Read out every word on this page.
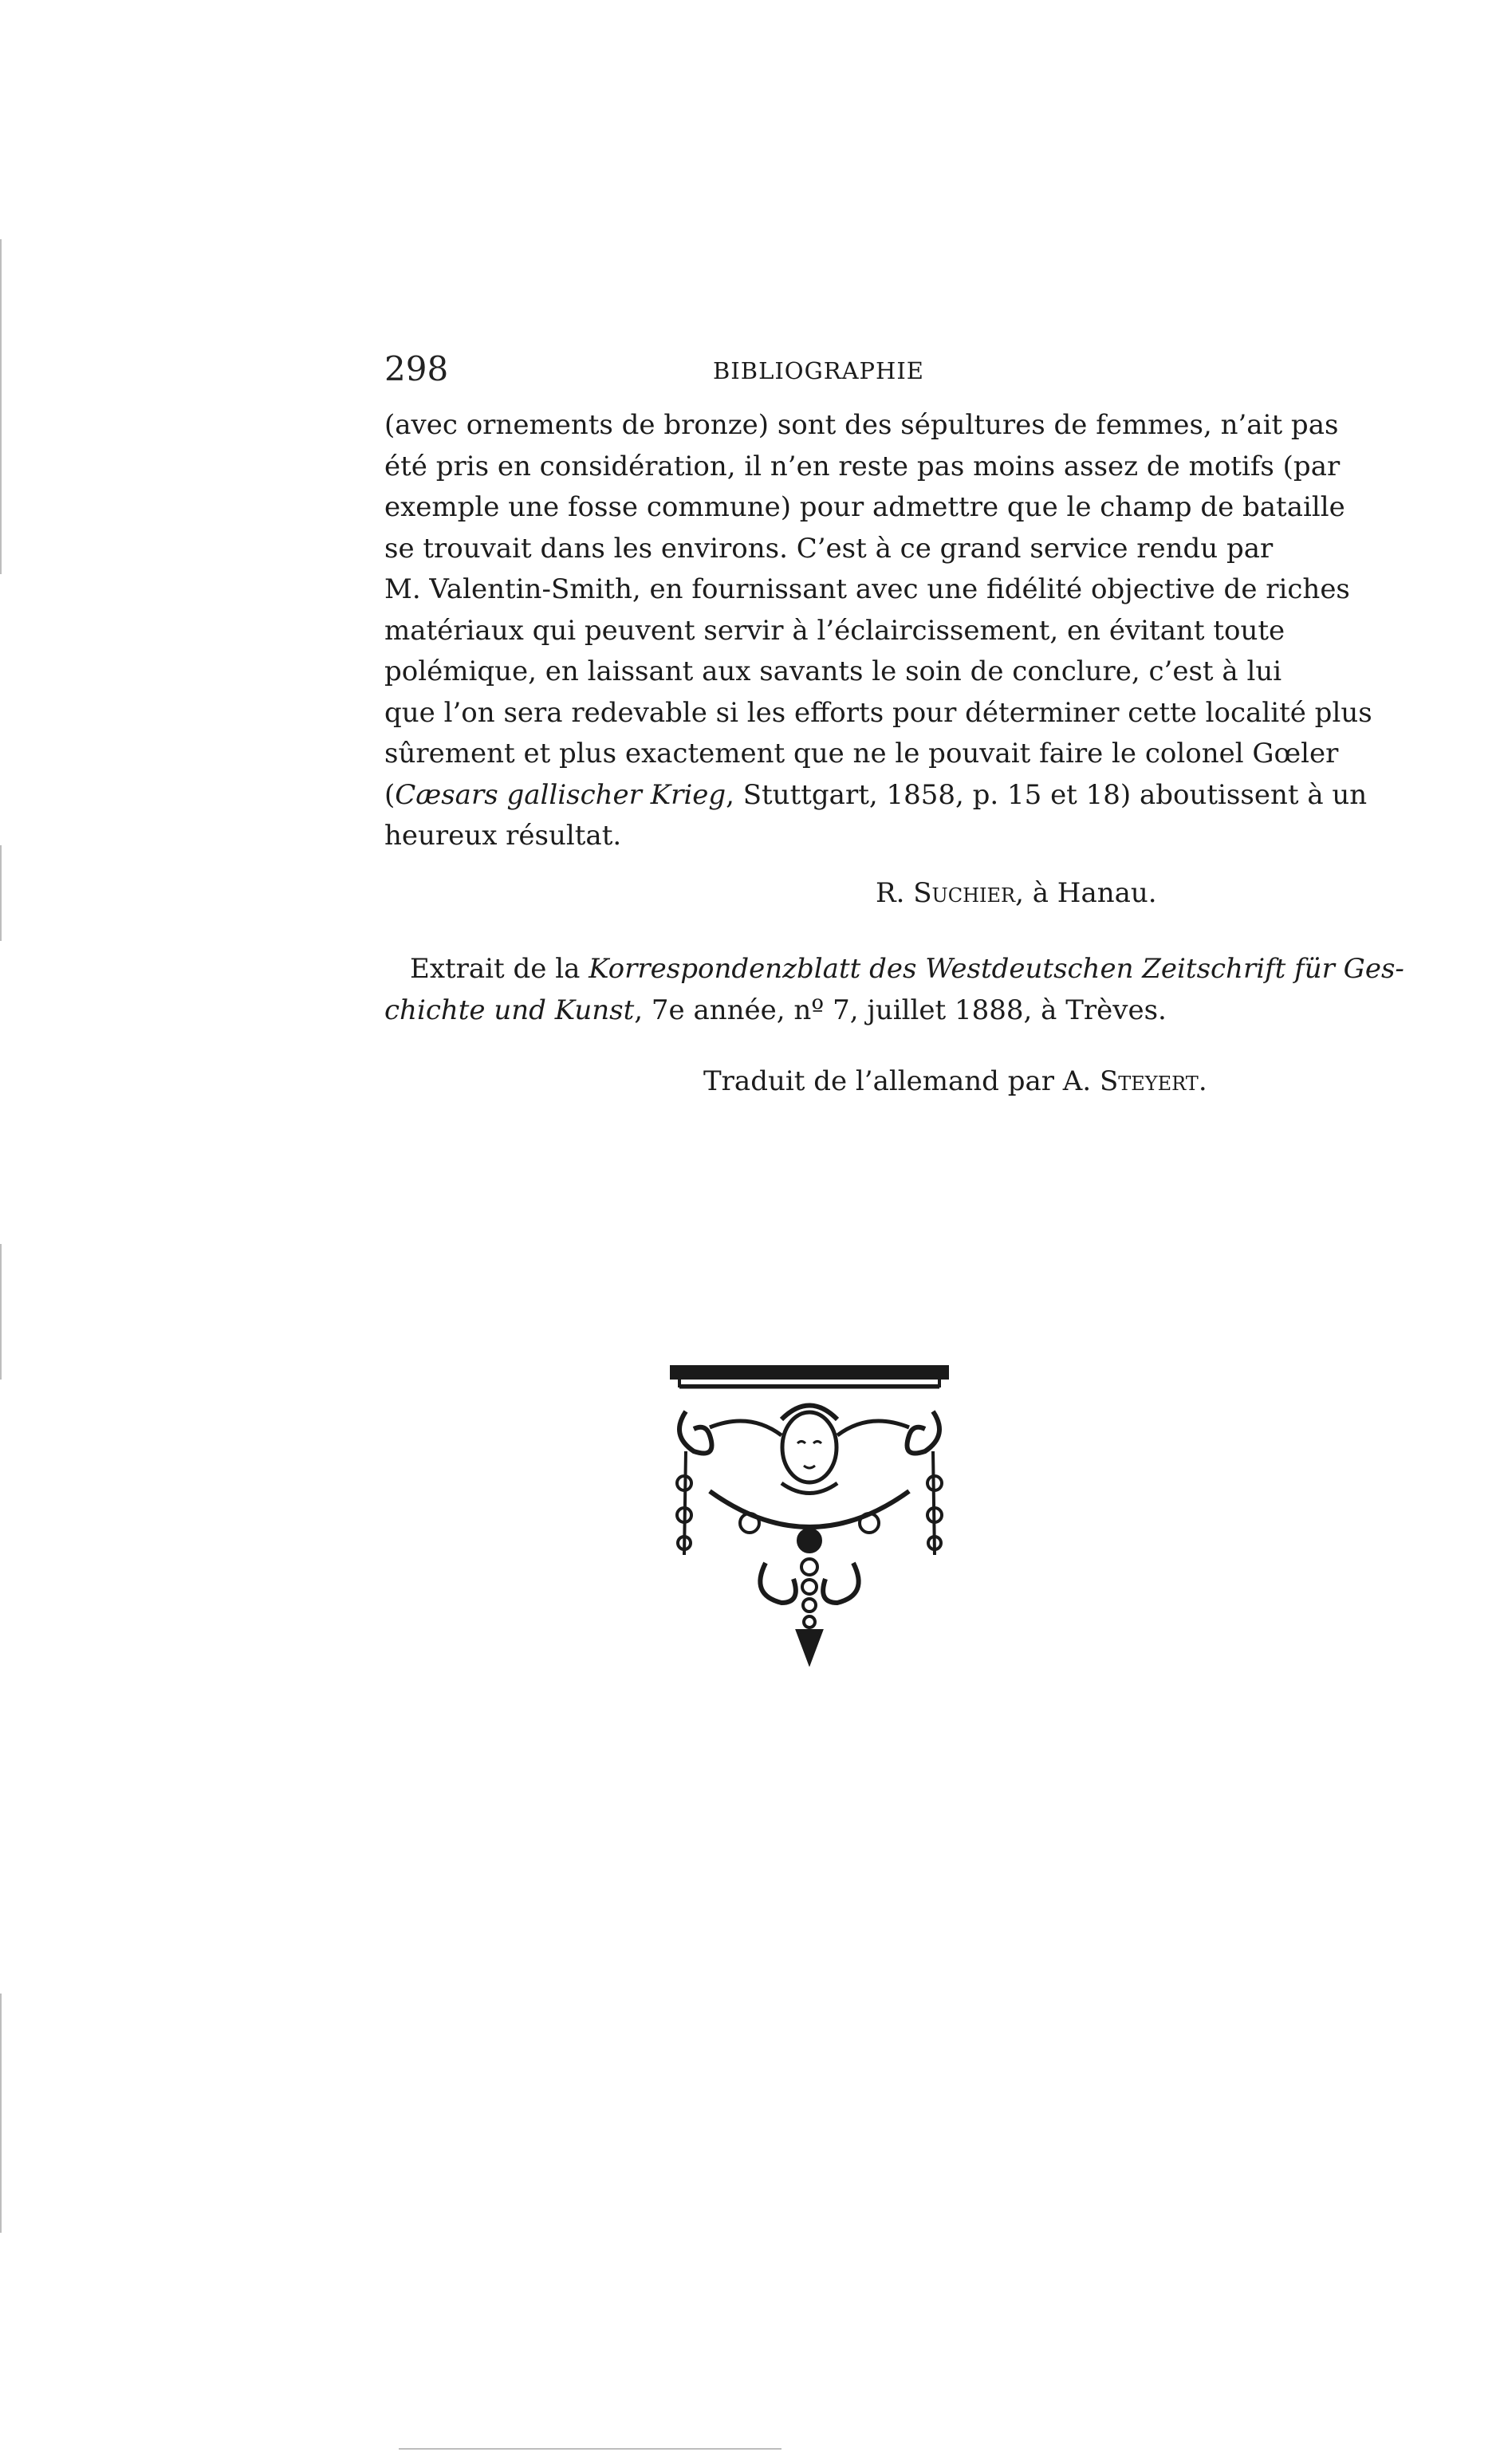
298	BIBLIOGRAPHIE
(avec ornements de bronze) sont des sépultures de femmes, n’ait pas
été pris en considération, il n’en reste pas moins assez de motifs (par
exemple une fosse commune) pour admettre que le champ de bataille
se trouvait dans les environs. C’est à ce grand service rendu par
M. Valentin-Smith, en fournissant avec une fidélité objective de riches
matériaux qui peuvent servir à l’éclaircissement, en évitant toute
polémique, en laissant aux savants le soin de conclure, c’est à lui
que l’on sera redevable si les efforts pour déterminer cette localité plus
sûrement et plus exactement que ne le pouvait faire le colonel Gœler
(Cæsars gallischer Krieg, Stuttgart, 1858, p. 15 et 18) aboutissent à un
heureux résultat.
R. Suchier, à Hanau.
Extrait de la Korrespondenzblatt des Westdeutschen Zeitschrift für Ges-
chichte und Kunst, 7e année, nº 7, juillet 1888, à Trèves.
Traduit de l’allemand par A. Steyert.
